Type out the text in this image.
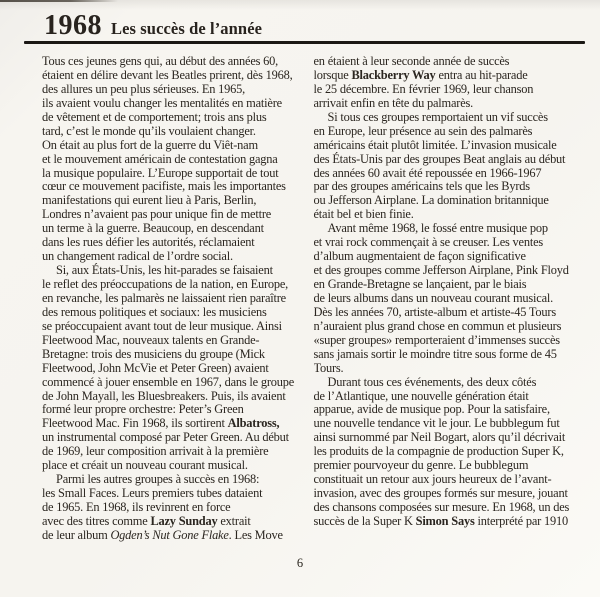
1968 Les succès de l’année
Tous ces jeunes gens qui, au début des années 60,
étaient en délire devant les Beatles prirent, dès 1968,
des allures un peu plus sérieuses. En 1965,
ils avaient voulu changer les mentalités en matière
de vêtement et de comportement; trois ans plus
tard, c’est le monde qu’ils voulaient changer.
On était au plus fort de la guerre du Viêt-nam
et le mouvement américain de contestation gagna
la musique populaire. L’Europe supportait de tout
cœur ce mouvement pacifiste, mais les importantes
manifestations qui eurent lieu à Paris, Berlin,
Londres n’avaient pas pour unique fin de mettre
un terme à la guerre. Beaucoup, en descendant
dans les rues défier les autorités, réclamaient
un changement radical de l’ordre social.
Si, aux États-Unis, les hit-parades se faisaient
le reflet des préoccupations de la nation, en Europe,
en revanche, les palmarès ne laissaient rien paraître
des remous politiques et sociaux: les musiciens
se préoccupaient avant tout de leur musique. Ainsi
Fleetwood Mac, nouveaux talents en Grande-
Bretagne: trois des musiciens du groupe (Mick
Fleetwood, John McVie et Peter Green) avaient
commencé à jouer ensemble en 1967, dans le groupe
de John Mayall, les Bluesbreakers. Puis, ils avaient
formé leur propre orchestre: Peter’s Green
Fleetwood Mac. Fin 1968, ils sortirent Albatross,
un instrumental composé par Peter Green. Au début
de 1969, leur composition arrivait à la première
place et créait un nouveau courant musical.
Parmi les autres groupes à succès en 1968:
les Small Faces. Leurs premiers tubes dataient
de 1965. En 1968, ils revinrent en force
avec des titres comme Lazy Sunday extrait
de leur album Ogden’s Nut Gone Flake. Les Move
en étaient à leur seconde année de succès
lorsque Blackberry Way entra au hit-parade
le 25 décembre. En février 1969, leur chanson
arrivait enfin en tête du palmarès.
Si tous ces groupes remportaient un vif succès
en Europe, leur présence au sein des palmarès
américains était plutôt limitée. L’invasion musicale
des États-Unis par des groupes Beat anglais au début
des années 60 avait été repoussée en 1966-1967
par des groupes américains tels que les Byrds
ou Jefferson Airplane. La domination britannique
était bel et bien finie.
Avant même 1968, le fossé entre musique pop
et vrai rock commençait à se creuser. Les ventes
d’album augmentaient de façon significative
et des groupes comme Jefferson Airplane, Pink Floyd
en Grande-Bretagne se lançaient, par le biais
de leurs albums dans un nouveau courant musical.
Dès les années 70, artiste-album et artiste-45 Tours
n’auraient plus grand chose en commun et plusieurs
«super groupes» remporteraient d’immenses succès
sans jamais sortir le moindre titre sous forme de 45
Tours.
Durant tous ces événements, des deux côtés
de l’Atlantique, une nouvelle génération était
apparue, avide de musique pop. Pour la satisfaire,
une nouvelle tendance vit le jour. Le bubblegum fut
ainsi surnommé par Neil Bogart, alors qu’il décrivait
les produits de la compagnie de production Super K,
premier pourvoyeur du genre. Le bubblegum
constituait un retour aux jours heureux de l’avant-
invasion, avec des groupes formés sur mesure, jouant
des chansons composées sur mesure. En 1968, un des
succès de la Super K Simon Says interprété par 1910
6
